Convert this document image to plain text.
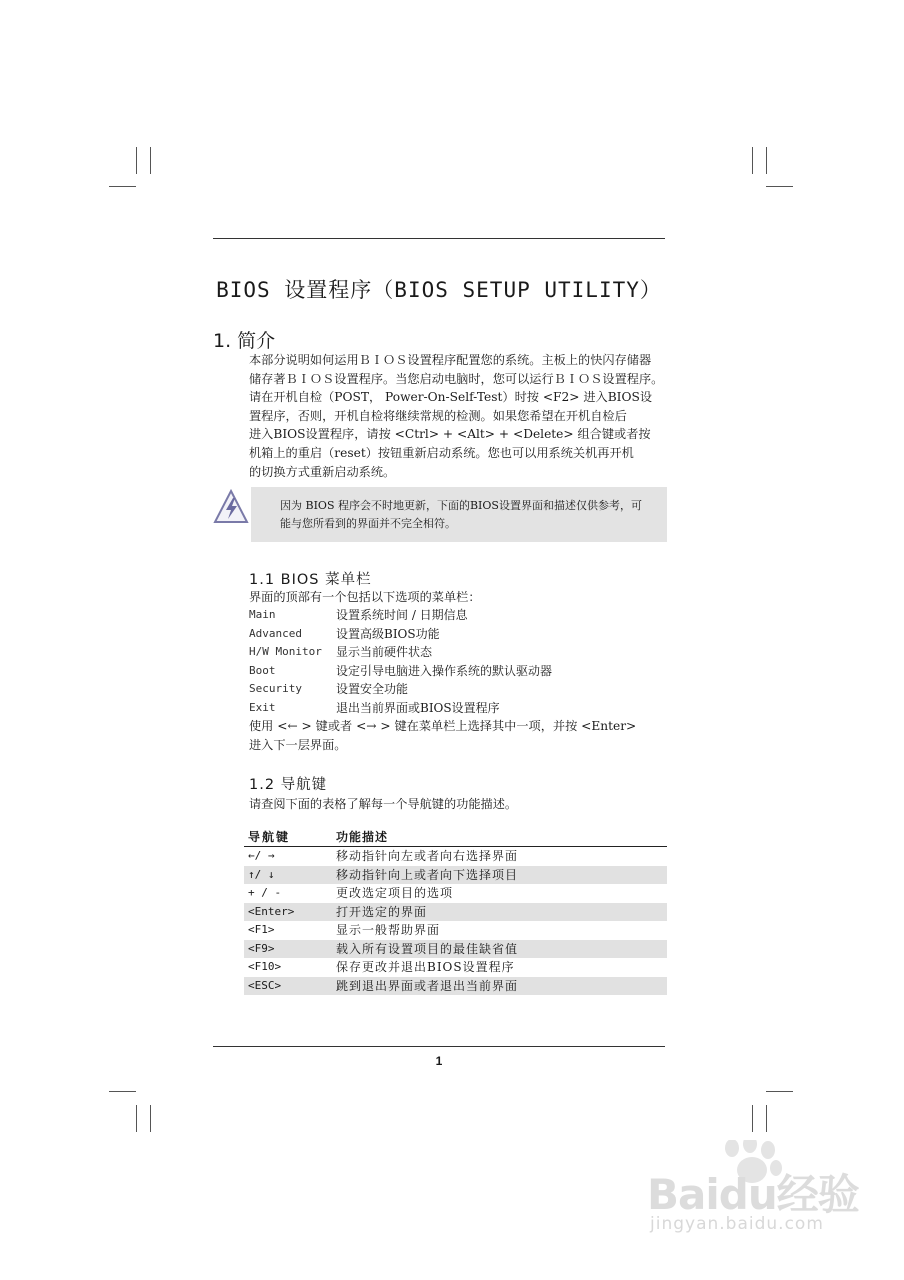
BIOS 设置程序（BIOS SETUP UTILITY）
1. 简介

本部分说明如何运用ＢＩＯＳ设置程序配置您的系统。主板上的快闪存储器

储存著ＢＩＯＳ设置程序。当您启动电脑时，您可以运行ＢＩＯＳ设置程序。

请在开机自检（POST， Power-On-Self-Test）时按 <F2> 进入BIOS设

置程序，否则，开机自检将继续常规的检测。如果您希望在开机自检后

进入BIOS设置程序，请按 <Ctrl> + <Alt> + <Delete> 组合键或者按

机箱上的重启（reset）按钮重新启动系统。您也可以用系统关机再开机

的切换方式重新启动系统。

因为 BIOS 程序会不时地更新，下面的BIOS设置界面和描述仅供参考，可
能与您所看到的界面并不完全相符。
1.1 BIOS 菜单栏
界面的顶部有一个包括以下选项的菜单栏：
Main	设置系统时间 / 日期信息
Advanced	设置高级BIOS功能
H/W Monitor	显示当前硬件状态
Boot	设定引导电脑进入操作系统的默认驱动器
Security	设置安全功能
Exit	退出当前界面或BIOS设置程序
使用 <← > 键或者 <→ > 键在菜单栏上选择其中一项，并按 <Enter>
进入下一层界面。
1.2 导航键
请查阅下面的表格了解每一个导航键的功能描述。
导航键	功能描述
←/ →	移动指针向左或者向右选择界面
↑/ ↓	移动指针向上或者向下选择项目
+ / -	更改选定项目的选项
<Enter>	打开选定的界面
<F1>	显示一般帮助界面
<F9>	载入所有设置项目的最佳缺省值
<F10>	保存更改并退出BIOS设置程序
<ESC>	跳到退出界面或者退出当前界面
1
Baidu经验
jingyan.baidu.com
